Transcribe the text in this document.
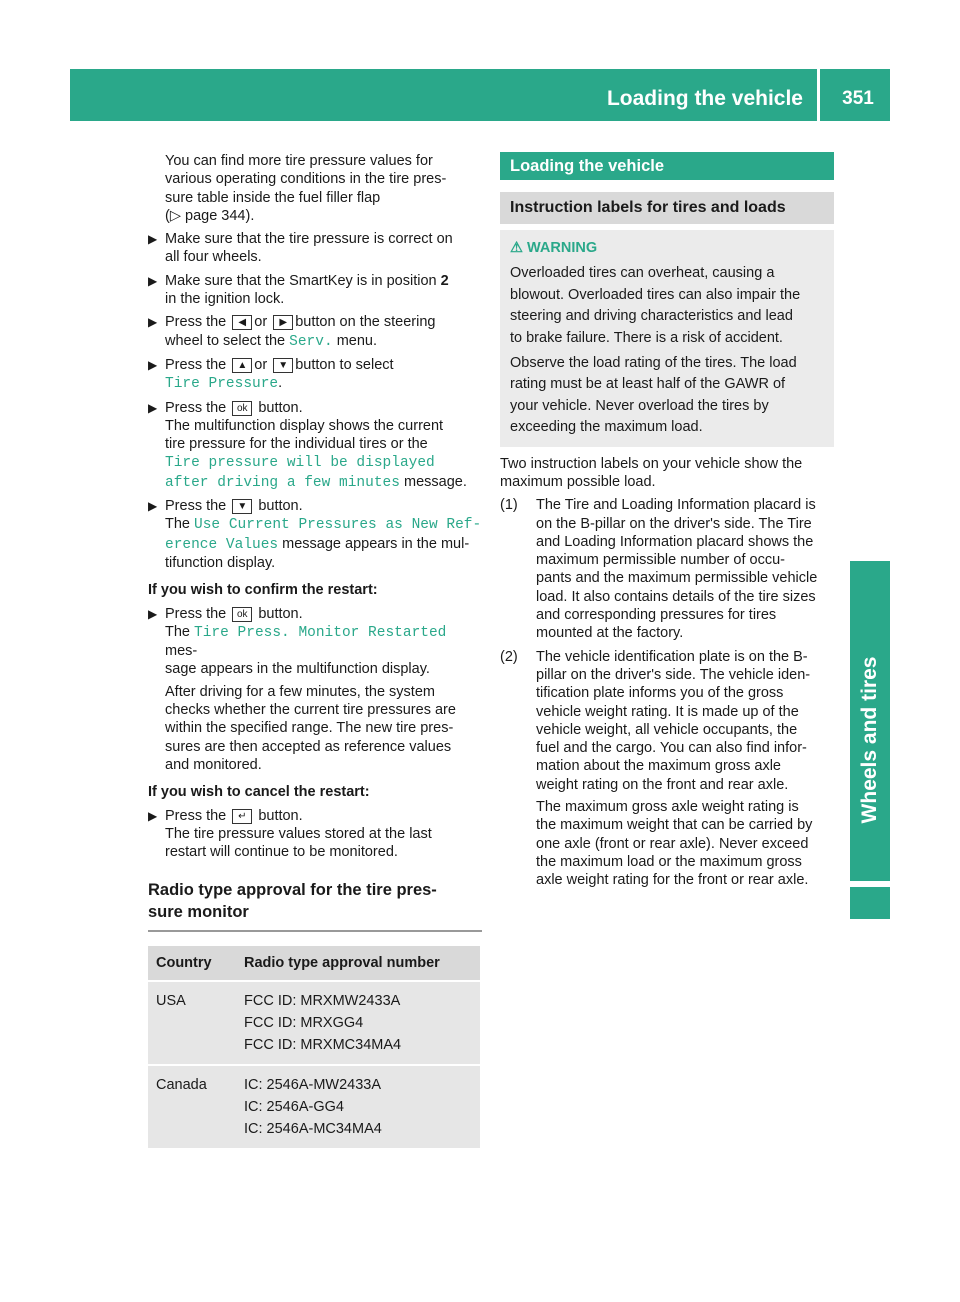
Loading the vehicle	351
Wheels and tires

You can find more tire pressure values for
various operating conditions in the tire pres-
sure table inside the fuel filler flap
(▷ page 344).

▶ Make sure that the tire pressure is correct on
all four wheels.
▶ Make sure that the SmartKey is in position 2
in the ignition lock.
▶ Press the ◀ or ▶ button on the steering
wheel to select the Serv. menu.
▶ Press the ▲ or ▼ button to select
Tire Pressure.
▶ Press the ok button.
The multifunction display shows the current
tire pressure for the individual tires or the
Tire pressure will be displayed
after driving a few minutes message.
▶ Press the ▼ button.
The Use Current Pressures as New Ref‐
erence Values message appears in the mul-
tifunction display.

If you wish to confirm the restart:

▶ Press the ok button.
The Tire Press. Monitor Restarted mes-
sage appears in the multifunction display.

After driving for a few minutes, the system
checks whether the current tire pressures are
within the specified range. The new tire pres-
sures are then accepted as reference values
and monitored.

If you wish to cancel the restart:

▶ Press the ↵ button.
The tire pressure values stored at the last
restart will continue to be monitored.
Radio type approval for the tire pres-
sure monitor
Country	Radio type approval number
USA	FCC ID: MRXMW2433A
FCC ID: MRXGG4
FCC ID: MRXMC34MA4
Canada	IC: 2546A-MW2433A
IC: 2546A-GG4
IC: 2546A-MC34MA4
Loading the vehicle
Instruction labels for tires and loads
⚠ WARNING

Overloaded tires can overheat, causing a
blowout. Overloaded tires can also impair the
steering and driving characteristics and lead
to brake failure. There is a risk of accident.

Observe the load rating of the tires. The load
rating must be at least half of the GAWR of
your vehicle. Never overload the tires by
exceeding the maximum load.

Two instruction labels on your vehicle show the
maximum possible load.

(1) The Tire and Loading Information placard is
on the B-pillar on the driver's side. The Tire
and Loading Information placard shows the
maximum permissible number of occu-
pants and the maximum permissible vehicle
load. It also contains details of the tire sizes
and corresponding pressures for tires
mounted at the factory.
(2) The vehicle identification plate is on the B-
pillar on the driver's side. The vehicle iden-
tification plate informs you of the gross
vehicle weight rating. It is made up of the
vehicle weight, all vehicle occupants, the
fuel and the cargo. You can also find infor-
mation about the maximum gross axle
weight rating on the front and rear axle.

The maximum gross axle weight rating is
the maximum weight that can be carried by
one axle (front or rear axle). Never exceed
the maximum load or the maximum gross
axle weight rating for the front or rear axle.
